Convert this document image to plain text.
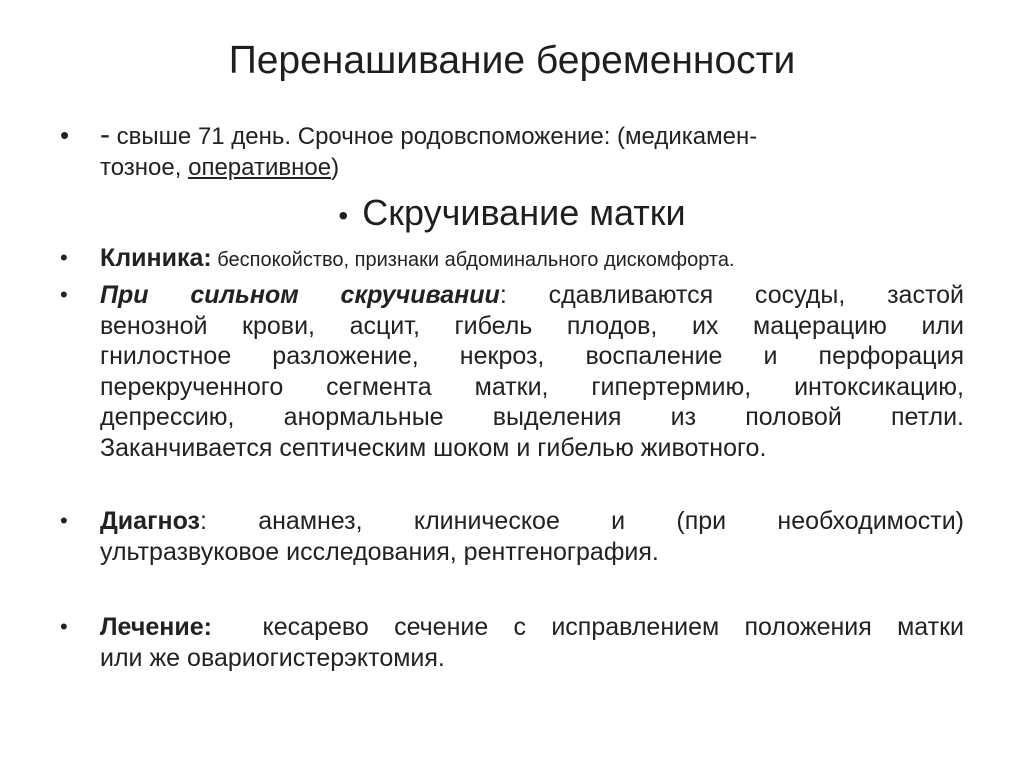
Перенашивание беременности
• - свыше 71 день. Срочное родовспоможение: (медикамен-
тозное, оперативное)
• Скручивание матки
• Клиника: беспокойство, признаки абдоминального дискомфорта.
• При сильном скручивании: сдавливаются сосуды, застой
венозной крови, асцит, гибель плодов, их мацерацию или
гнилостное разложение, некроз, воспаление и перфорация
перекрученного сегмента матки, гипертермию, интоксикацию,
депрессию, анормальные выделения из половой петли.
Заканчивается септическим шоком и гибелью животного.
• Диагноз: анамнез, клиническое и (при необходимости)
ультразвуковое исследования, рентгенография.
• Лечение:  кесарево сечение с исправлением положения матки
или же овариогистерэктомия.
